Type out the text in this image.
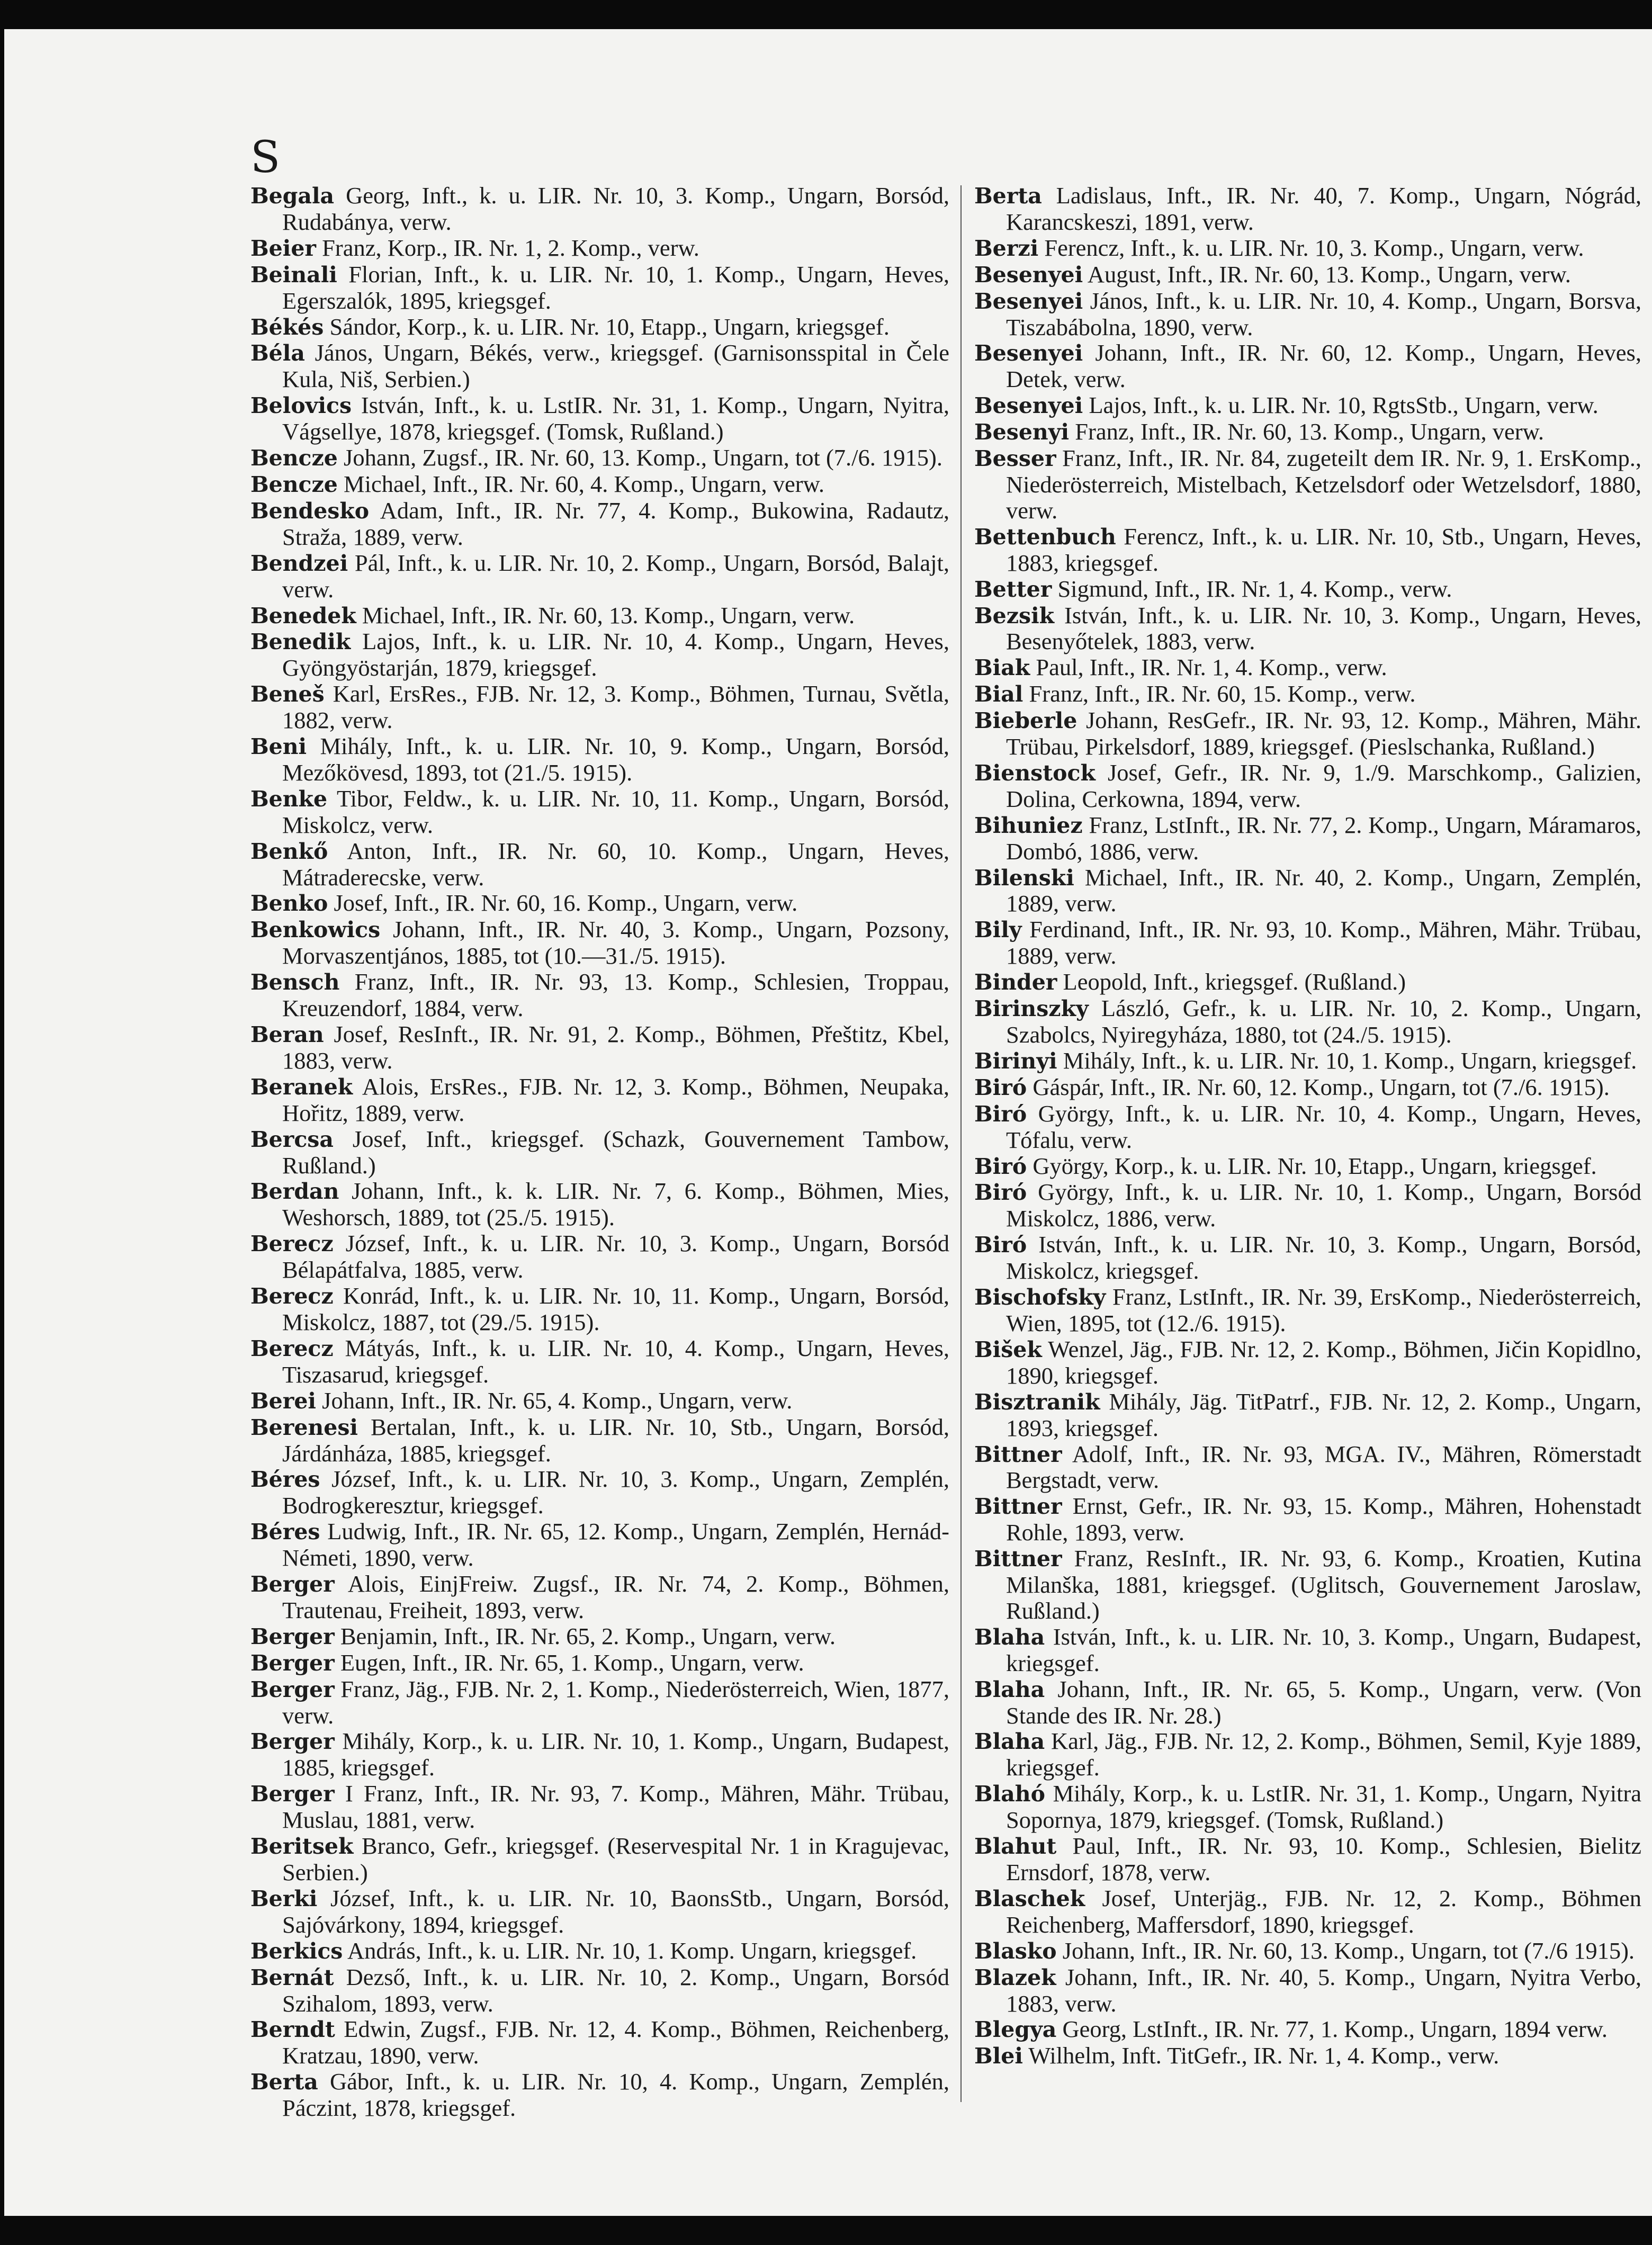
S

Begala Georg, Inft., k. u. LIR. Nr. 10, 3. Komp., Ungarn, Borsód, Rudabánya, verw.

Beier Franz, Korp., IR. Nr. 1, 2. Komp., verw.

Beinali Florian, Inft., k. u. LIR. Nr. 10, 1. Komp., Ungarn, Heves, Egerszalók, 1895, kriegsgef.

Békés Sándor, Korp., k. u. LIR. Nr. 10, Etapp., Ungarn, kriegsgef.

Béla János, Ungarn, Békés, verw., kriegsgef. (Garnisonsspital in Čele Kula, Niš, Serbien.)

Belovics István, Inft., k. u. LstIR. Nr. 31, 1. Komp., Ungarn, Nyitra, Vágsellye, 1878, kriegsgef. (Tomsk, Rußland.)

Bencze Johann, Zugsf., IR. Nr. 60, 13. Komp., Ungarn, tot (7./6. 1915).

Bencze Michael, Inft., IR. Nr. 60, 4. Komp., Ungarn, verw.

Bendesko Adam, Inft., IR. Nr. 77, 4. Komp., Bukowina, Radautz, Straža, 1889, verw.

Bendzei Pál, Inft., k. u. LIR. Nr. 10, 2. Komp., Ungarn, Borsód, Balajt, verw.

Benedek Michael, Inft., IR. Nr. 60, 13. Komp., Ungarn, verw.

Benedik Lajos, Inft., k. u. LIR. Nr. 10, 4. Komp., Ungarn, Heves, Gyöngyöstarján, 1879, kriegsgef.

Beneš Karl, ErsRes., FJB. Nr. 12, 3. Komp., Böhmen, Turnau, Světla, 1882, verw.

Beni Mihály, Inft., k. u. LIR. Nr. 10, 9. Komp., Ungarn, Borsód, Mezőkövesd, 1893, tot (21./5. 1915).

Benke Tibor, Feldw., k. u. LIR. Nr. 10, 11. Komp., Ungarn, Borsód, Miskolcz, verw.

Benkő Anton, Inft., IR. Nr. 60, 10. Komp., Ungarn, Heves, Mátraderecske, verw.

Benko Josef, Inft., IR. Nr. 60, 16. Komp., Ungarn, verw.

Benkowics Johann, Inft., IR. Nr. 40, 3. Komp., Ungarn, Pozsony, Morvaszentjános, 1885, tot (10.—31./5. 1915).

Bensch Franz, Inft., IR. Nr. 93, 13. Komp., Schlesien, Troppau, Kreuzendorf, 1884, verw.

Beran Josef, ResInft., IR. Nr. 91, 2. Komp., Böhmen, Přeštitz, Kbel, 1883, verw.

Beranek Alois, ErsRes., FJB. Nr. 12, 3. Komp., Böhmen, Neupaka, Hořitz, 1889, verw.

Bercsa Josef, Inft., kriegsgef. (Schazk, Gouvernement Tambow, Rußland.)

Berdan Johann, Inft., k. k. LIR. Nr. 7, 6. Komp., Böhmen, Mies, Weshorsch, 1889, tot (25./5. 1915).

Berecz József, Inft., k. u. LIR. Nr. 10, 3. Komp., Ungarn, Borsód Bélapátfalva, 1885, verw.

Berecz Konrád, Inft., k. u. LIR. Nr. 10, 11. Komp., Ungarn, Borsód, Miskolcz, 1887, tot (29./5. 1915).

Berecz Mátyás, Inft., k. u. LIR. Nr. 10, 4. Komp., Ungarn, Heves, Tiszasarud, kriegsgef.

Berei Johann, Inft., IR. Nr. 65, 4. Komp., Ungarn, verw.

Berenesi Bertalan, Inft., k. u. LIR. Nr. 10, Stb., Ungarn, Borsód, Járdánháza, 1885, kriegsgef.

Béres József, Inft., k. u. LIR. Nr. 10, 3. Komp., Ungarn, Zemplén, Bodrogkeresztur, kriegsgef.

Béres Ludwig, Inft., IR. Nr. 65, 12. Komp., Ungarn, Zemplén, Hernád-Németi, 1890, verw.

Berger Alois, EinjFreiw. Zugsf., IR. Nr. 74, 2. Komp., Böhmen, Trautenau, Freiheit, 1893, verw.

Berger Benjamin, Inft., IR. Nr. 65, 2. Komp., Ungarn, verw.

Berger Eugen, Inft., IR. Nr. 65, 1. Komp., Ungarn, verw.

Berger Franz, Jäg., FJB. Nr. 2, 1. Komp., Niederösterreich, Wien, 1877, verw.

Berger Mihály, Korp., k. u. LIR. Nr. 10, 1. Komp., Ungarn, Budapest, 1885, kriegsgef.

Berger I Franz, Inft., IR. Nr. 93, 7. Komp., Mähren, Mähr. Trübau, Muslau, 1881, verw.

Beritsek Branco, Gefr., kriegsgef. (Reservespital Nr. 1 in Kragujevac, Serbien.)

Berki József, Inft., k. u. LIR. Nr. 10, BaonsStb., Ungarn, Borsód, Sajóvárkony, 1894, kriegsgef.

Berkics András, Inft., k. u. LIR. Nr. 10, 1. Komp. Ungarn, kriegsgef.

Bernát Dezső, Inft., k. u. LIR. Nr. 10, 2. Komp., Ungarn, Borsód Szihalom, 1893, verw.

Berndt Edwin, Zugsf., FJB. Nr. 12, 4. Komp., Böhmen, Reichenberg, Kratzau, 1890, verw.

Berta Gábor, Inft., k. u. LIR. Nr. 10, 4. Komp., Ungarn, Zemplén, Páczint, 1878, kriegsgef.

Berta Ladislaus, Inft., IR. Nr. 40, 7. Komp., Ungarn, Nógrád, Karancskeszi, 1891, verw.

Berzi Ferencz, Inft., k. u. LIR. Nr. 10, 3. Komp., Ungarn, verw.

Besenyei August, Inft., IR. Nr. 60, 13. Komp., Ungarn, verw.

Besenyei János, Inft., k. u. LIR. Nr. 10, 4. Komp., Ungarn, Borsva, Tiszabábolna, 1890, verw.

Besenyei Johann, Inft., IR. Nr. 60, 12. Komp., Ungarn, Heves, Detek, verw.

Besenyei Lajos, Inft., k. u. LIR. Nr. 10, RgtsStb., Ungarn, verw.

Besenyi Franz, Inft., IR. Nr. 60, 13. Komp., Ungarn, verw.

Besser Franz, Inft., IR. Nr. 84, zugeteilt dem IR. Nr. 9, 1. ErsKomp., Niederösterreich, Mistelbach, Ketzelsdorf oder Wetzelsdorf, 1880, verw.

Bettenbuch Ferencz, Inft., k. u. LIR. Nr. 10, Stb., Ungarn, Heves, 1883, kriegsgef.

Better Sigmund, Inft., IR. Nr. 1, 4. Komp., verw.

Bezsik István, Inft., k. u. LIR. Nr. 10, 3. Komp., Ungarn, Heves, Besenyőtelek, 1883, verw.

Biak Paul, Inft., IR. Nr. 1, 4. Komp., verw.

Bial Franz, Inft., IR. Nr. 60, 15. Komp., verw.

Bieberle Johann, ResGefr., IR. Nr. 93, 12. Komp., Mähren, Mähr. Trübau, Pirkelsdorf, 1889, kriegsgef. (Pieslschanka, Rußland.)

Bienstock Josef, Gefr., IR. Nr. 9, 1./9. Marschkomp., Galizien, Dolina, Cerkowna, 1894, verw.

Bihuniez Franz, LstInft., IR. Nr. 77, 2. Komp., Ungarn, Máramaros, Dombó, 1886, verw.

Bilenski Michael, Inft., IR. Nr. 40, 2. Komp., Ungarn, Zemplén, 1889, verw.

Bily Ferdinand, Inft., IR. Nr. 93, 10. Komp., Mähren, Mähr. Trübau, 1889, verw.

Binder Leopold, Inft., kriegsgef. (Rußland.)

Birinszky László, Gefr., k. u. LIR. Nr. 10, 2. Komp., Ungarn, Szabolcs, Nyiregyháza, 1880, tot (24./5. 1915).

Birinyi Mihály, Inft., k. u. LIR. Nr. 10, 1. Komp., Ungarn, kriegsgef.

Biró Gáspár, Inft., IR. Nr. 60, 12. Komp., Ungarn, tot (7./6. 1915).

Biró György, Inft., k. u. LIR. Nr. 10, 4. Komp., Ungarn, Heves, Tófalu, verw.

Biró György, Korp., k. u. LIR. Nr. 10, Etapp., Ungarn, kriegsgef.

Biró György, Inft., k. u. LIR. Nr. 10, 1. Komp., Ungarn, Borsód Miskolcz, 1886, verw.

Biró István, Inft., k. u. LIR. Nr. 10, 3. Komp., Ungarn, Borsód, Miskolcz, kriegsgef.

Bischofsky Franz, LstInft., IR. Nr. 39, ErsKomp., Niederösterreich, Wien, 1895, tot (12./6. 1915).

Bišek Wenzel, Jäg., FJB. Nr. 12, 2. Komp., Böhmen, Jičin Kopidlno, 1890, kriegsgef.

Bisztranik Mihály, Jäg. TitPatrf., FJB. Nr. 12, 2. Komp., Ungarn, 1893, kriegsgef.

Bittner Adolf, Inft., IR. Nr. 93, MGA. IV., Mähren, Römerstadt Bergstadt, verw.

Bittner Ernst, Gefr., IR. Nr. 93, 15. Komp., Mähren, Hohenstadt Rohle, 1893, verw.

Bittner Franz, ResInft., IR. Nr. 93, 6. Komp., Kroatien, Kutina Milanška, 1881, kriegsgef. (Uglitsch, Gouvernement Jaroslaw, Rußland.)

Blaha István, Inft., k. u. LIR. Nr. 10, 3. Komp., Ungarn, Budapest, kriegsgef.

Blaha Johann, Inft., IR. Nr. 65, 5. Komp., Ungarn, verw. (Von Stande des IR. Nr. 28.)

Blaha Karl, Jäg., FJB. Nr. 12, 2. Komp., Böhmen, Semil, Kyje 1889, kriegsgef.

Blahó Mihály, Korp., k. u. LstIR. Nr. 31, 1. Komp., Ungarn, Nyitra Sopornya, 1879, kriegsgef. (Tomsk, Rußland.)

Blahut Paul, Inft., IR. Nr. 93, 10. Komp., Schlesien, Bielitz Ernsdorf, 1878, verw.

Blaschek Josef, Unterjäg., FJB. Nr. 12, 2. Komp., Böhmen Reichenberg, Maffersdorf, 1890, kriegsgef.

Blasko Johann, Inft., IR. Nr. 60, 13. Komp., Ungarn, tot (7./6 1915).

Blazek Johann, Inft., IR. Nr. 40, 5. Komp., Ungarn, Nyitra Verbo, 1883, verw.

Blegya Georg, LstInft., IR. Nr. 77, 1. Komp., Ungarn, 1894 verw.

Blei Wilhelm, Inft. TitGefr., IR. Nr. 1, 4. Komp., verw.
